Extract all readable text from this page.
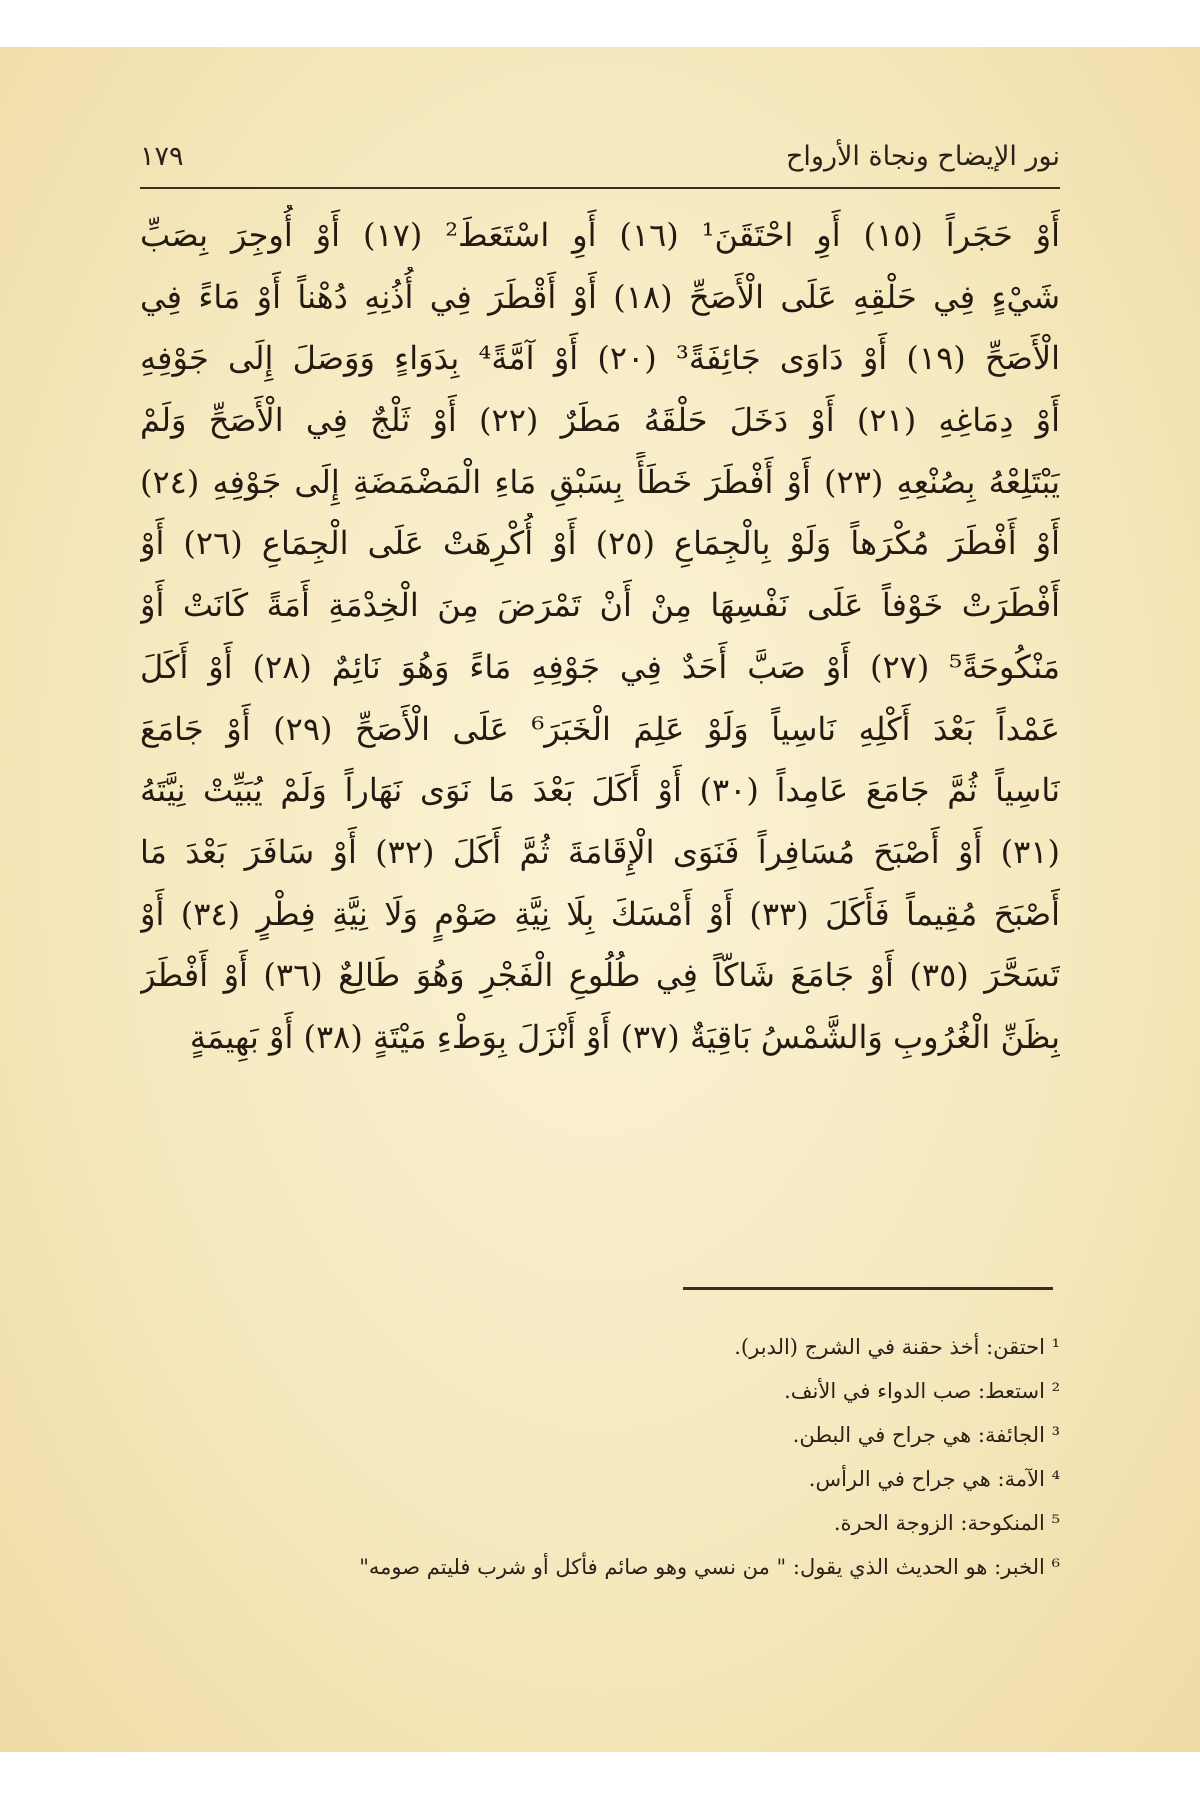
نور الإيضاح ونجاة الأرواح
١٧٩
أَوْ حَجَراً (١٥) أَوِ احْتَقَنَ¹ (١٦) أَوِ اسْتَعَطَ² (١٧) أَوْ أُوجِرَ بِصَبِّ
شَيْءٍ فِي حَلْقِهِ عَلَى الْأَصَحِّ (١٨) أَوْ أَقْطَرَ فِي أُذُنِهِ دُهْناً أَوْ مَاءً فِي
الْأَصَحِّ (١٩) أَوْ دَاوَى جَائِفَةً³ (٢٠) أَوْ آمَّةً⁴ بِدَوَاءٍ وَوَصَلَ إِلَى جَوْفِهِ
أَوْ دِمَاغِهِ (٢١) أَوْ دَخَلَ حَلْقَهُ مَطَرٌ (٢٢) أَوْ ثَلْجٌ فِي الْأَصَحِّ وَلَمْ
يَبْتَلِعْهُ بِصُنْعِهِ (٢٣) أَوْ أَفْطَرَ خَطَأً بِسَبْقِ مَاءِ الْمَضْمَضَةِ إِلَى جَوْفِهِ (٢٤)
أَوْ أَفْطَرَ مُكْرَهاً وَلَوْ بِالْجِمَاعِ (٢٥) أَوْ أُكْرِهَتْ عَلَى الْجِمَاعِ (٢٦) أَوْ
أَفْطَرَتْ خَوْفاً عَلَى نَفْسِهَا مِنْ أَنْ تَمْرَضَ مِنَ الْخِدْمَةِ أَمَةً كَانَتْ أَوْ
مَنْكُوحَةً⁵ (٢٧) أَوْ صَبَّ أَحَدٌ فِي جَوْفِهِ مَاءً وَهُوَ نَائِمٌ (٢٨) أَوْ أَكَلَ
عَمْداً بَعْدَ أَكْلِهِ نَاسِياً وَلَوْ عَلِمَ الْخَبَرَ⁶ عَلَى الْأَصَحِّ (٢٩) أَوْ جَامَعَ
نَاسِياً ثُمَّ جَامَعَ عَامِداً (٣٠) أَوْ أَكَلَ بَعْدَ مَا نَوَى نَهَاراً وَلَمْ يُبَيِّتْ نِيَّتَهُ
(٣١) أَوْ أَصْبَحَ مُسَافِراً فَنَوَى الْإِقَامَةَ ثُمَّ أَكَلَ (٣٢) أَوْ سَافَرَ بَعْدَ مَا
أَصْبَحَ مُقِيماً فَأَكَلَ (٣٣) أَوْ أَمْسَكَ بِلَا نِيَّةِ صَوْمٍ وَلَا نِيَّةِ فِطْرٍ (٣٤) أَوْ
تَسَحَّرَ (٣٥) أَوْ جَامَعَ شَاكّاً فِي طُلُوعِ الْفَجْرِ وَهُوَ طَالِعٌ (٣٦) أَوْ أَفْطَرَ
بِظَنِّ الْغُرُوبِ وَالشَّمْسُ بَاقِيَةٌ (٣٧) أَوْ أَنْزَلَ بِوَطْءِ مَيْتَةٍ (٣٨) أَوْ بَهِيمَةٍ
¹ احتقن: أخذ حقنة في الشرج (الدبر).
² استعط: صب الدواء في الأنف.
³ الجائفة: هي جراح في البطن.
⁴ الآمة: هي جراح في الرأس.
⁵ المنكوحة: الزوجة الحرة.
⁶ الخبر: هو الحديث الذي يقول: " من نسي وهو صائم فأكل أو شرب فليتم صومه"
